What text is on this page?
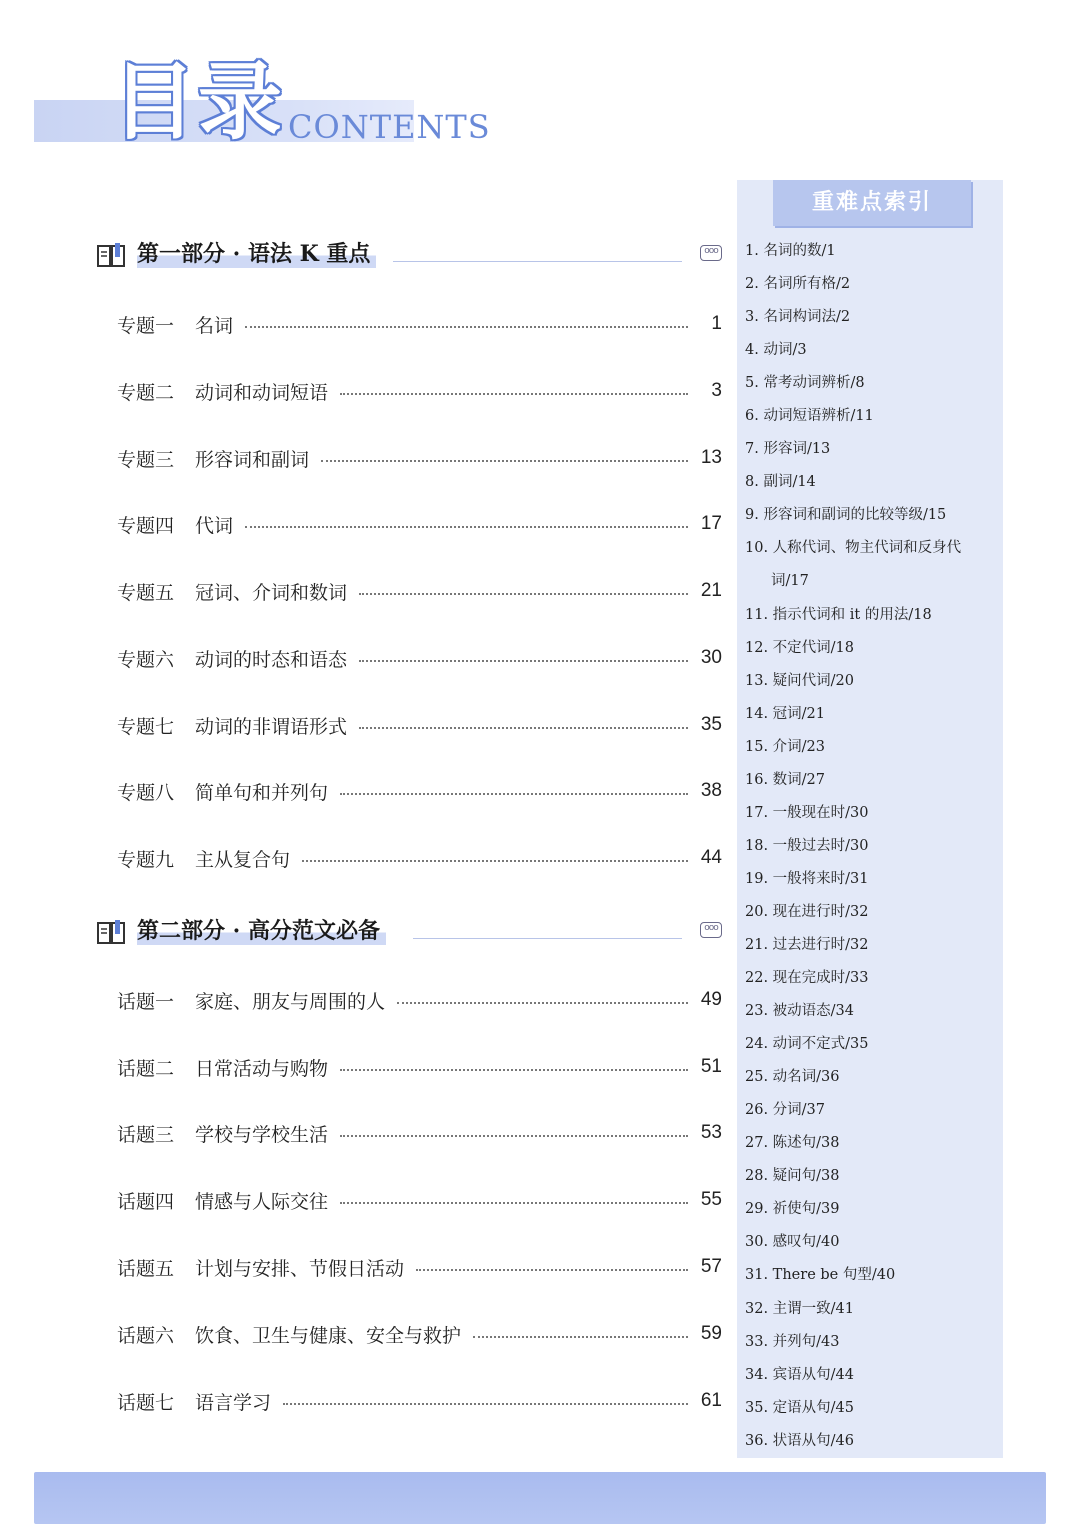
目录 CONTENTS
第一部分 · 语法 K 重点	ooo
专题一	名词	1
专题二	动词和动词短语	3
专题三	形容词和副词	13
专题四	代词	17
专题五	冠词、介词和数词	21
专题六	动词的时态和语态	30
专题七	动词的非谓语形式	35
专题八	简单句和并列句	38
专题九	主从复合句	44
第二部分 · 高分范文必备	ooo
话题一	家庭、朋友与周围的人	49
话题二	日常活动与购物	51
话题三	学校与学校生活	53
话题四	情感与人际交往	55
话题五	计划与安排、节假日活动	57
话题六	饮食、卫生与健康、安全与救护	59
话题七	语言学习	61
重难点索引
1. 名词的数/1
2. 名词所有格/2
3. 名词构词法/2
4. 动词/3
5. 常考动词辨析/8
6. 动词短语辨析/11
7. 形容词/13
8. 副词/14
9. 形容词和副词的比较等级/15
10. 人称代词、物主代词和反身代
词/17
11. 指示代词和 it 的用法/18
12. 不定代词/18
13. 疑问代词/20
14. 冠词/21
15. 介词/23
16. 数词/27
17. 一般现在时/30
18. 一般过去时/30
19. 一般将来时/31
20. 现在进行时/32
21. 过去进行时/32
22. 现在完成时/33
23. 被动语态/34
24. 动词不定式/35
25. 动名词/36
26. 分词/37
27. 陈述句/38
28. 疑问句/38
29. 祈使句/39
30. 感叹句/40
31. There be 句型/40
32. 主谓一致/41
33. 并列句/43
34. 宾语从句/44
35. 定语从句/45
36. 状语从句/46
